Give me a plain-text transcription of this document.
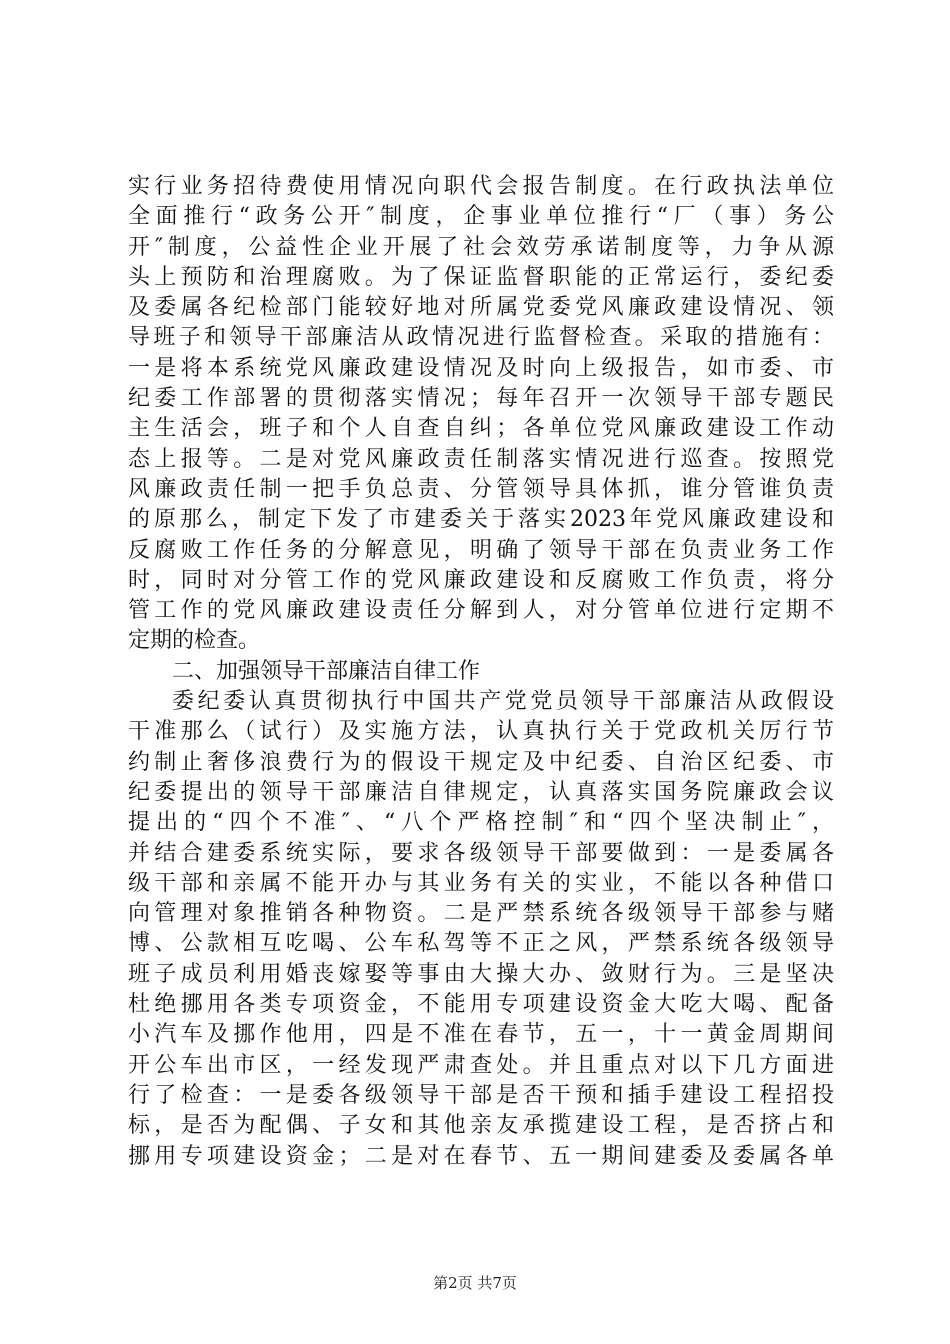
实行业务招待费使用情况向职代会报告制度。在行政执法单位
全面推行“政务公开″制度，企事业单位推行“厂（事）务公
开″制度，公益性企业开展了社会效劳承诺制度等，力争从源
头上预防和治理腐败。为了保证监督职能的正常运行，委纪委
及委属各纪检部门能较好地对所属党委党风廉政建设情况、领
导班子和领导干部廉洁从政情况进行监督检查。采取的措施有：
一是将本系统党风廉政建设情况及时向上级报告，如市委、市
纪委工作部署的贯彻落实情况；每年召开一次领导干部专题民
主生活会，班子和个人自查自纠；各单位党风廉政建设工作动
态上报等。二是对党风廉政责任制落实情况进行巡查。按照党
风廉政责任制一把手负总责、分管领导具体抓，谁分管谁负责
的原那么，制定下发了市建委关于落实2023年党风廉政建设和
反腐败工作任务的分解意见，明确了领导干部在负责业务工作
时，同时对分管工作的党风廉政建设和反腐败工作负责，将分
管工作的党风廉政建设责任分解到人，对分管单位进行定期不
定期的检查。
二、加强领导干部廉洁自律工作
委纪委认真贯彻执行中国共产党党员领导干部廉洁从政假设
干准那么（试行）及实施方法，认真执行关于党政机关厉行节
约制止奢侈浪费行为的假设干规定及中纪委、自治区纪委、市
纪委提出的领导干部廉洁自律规定，认真落实国务院廉政会议
提出的“四个不准″、“八个严格控制″和“四个坚决制止″，
并结合建委系统实际，要求各级领导干部要做到：一是委属各
级干部和亲属不能开办与其业务有关的实业，不能以各种借口
向管理对象推销各种物资。二是严禁系统各级领导干部参与赌
博、公款相互吃喝、公车私驾等不正之风，严禁系统各级领导
班子成员利用婚丧嫁娶等事由大操大办、敛财行为。三是坚决
杜绝挪用各类专项资金，不能用专项建设资金大吃大喝、配备
小汽车及挪作他用，四是不准在春节，五一，十一黄金周期间
开公车出市区，一经发现严肃查处。并且重点对以下几方面进
行了检查：一是委各级领导干部是否干预和插手建设工程招投
标，是否为配偶、子女和其他亲友承揽建设工程，是否挤占和
挪用专项建设资金；二是对在春节、五一期间建委及委属各单
第2页 共7页
